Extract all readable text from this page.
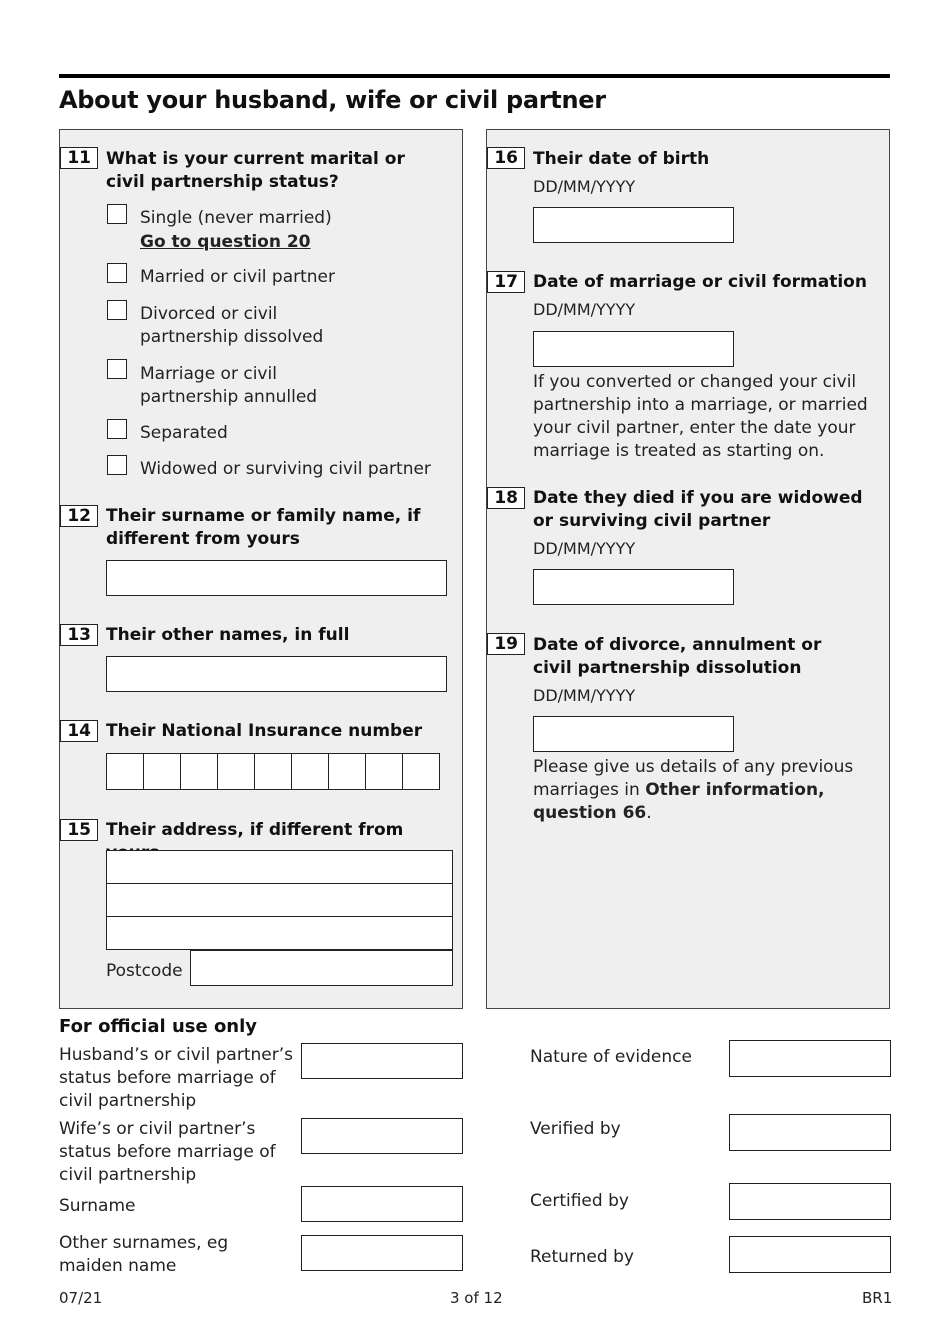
About your husband, wife or civil partner
11 What is your current marital or civil partnership status?
Single (never married)
Go to question 20
Married or civil partner
Divorced or civil partnership dissolved
Marriage or civil partnership annulled
Separated
Widowed or surviving civil partner
12 Their surname or family name, if different from yours
13 Their other names, in full
14 Their National Insurance number
15 Their address, if different from
Postcode
16 Their date of birth
DD/MM/YYYY
17 Date of marriage or civil formation
DD/MM/YYYY
If you converted or changed your civil partnership into a marriage, or married your civil partner, enter the date your marriage is treated as starting on.
18 Date they died if you are widowed or surviving civil partner
DD/MM/YYYY
19 Date of divorce, annulment or civil partnership dissolution
DD/MM/YYYY
Please give us details of any previous marriages in Other information, question 66.
For official use only
Husband’s or civil partner’s status before marriage of civil partnership
Wife’s or civil partner’s status before marriage of civil partnership
Surname
Other surnames, eg maiden name
Nature of evidence
Verified by
Certified by
Returned by
07/21	3 of 12	BR1
